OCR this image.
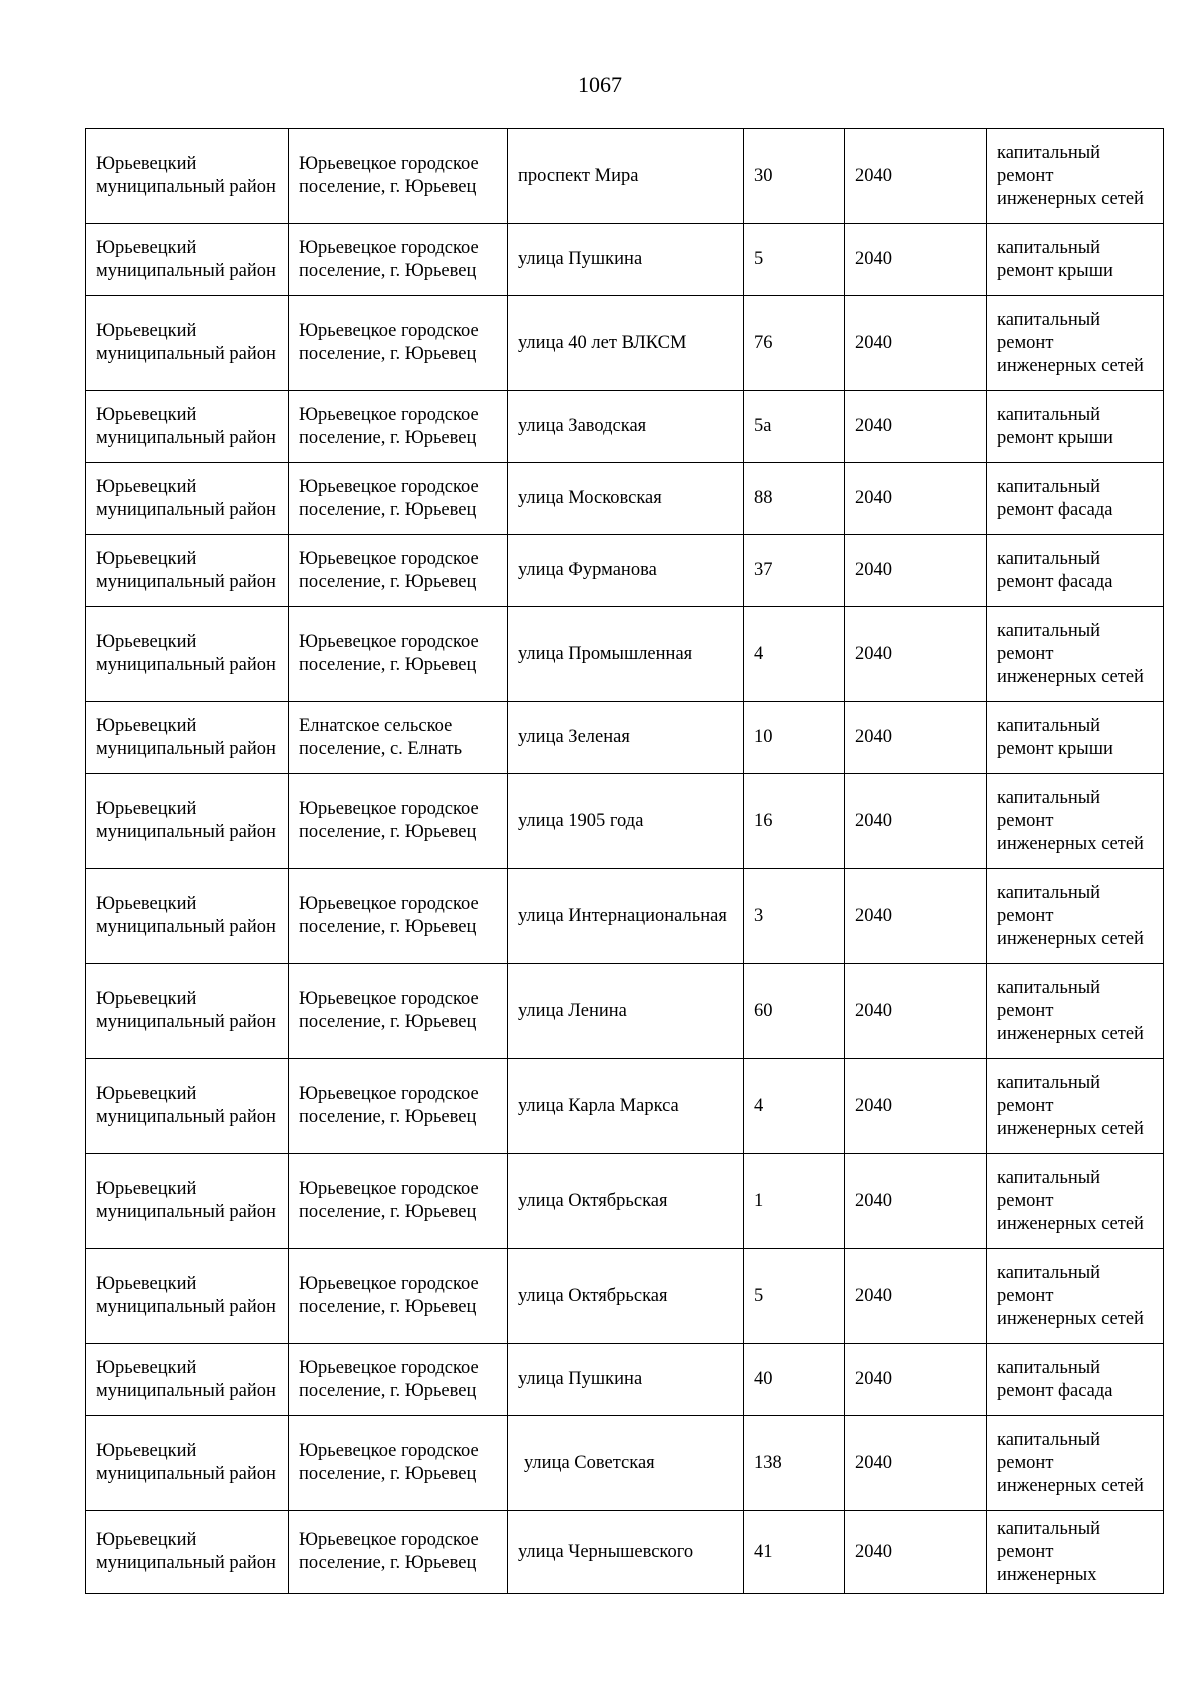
1067
Юрьевецкий муниципальный район	Юрьевецкое городское поселение, г. Юрьевец	проспект Мира	30	2040	капитальный ремонт инженерных сетей
Юрьевецкий муниципальный район	Юрьевецкое городское поселение, г. Юрьевец	улица Пушкина	5	2040	капитальный ремонт крыши
Юрьевецкий муниципальный район	Юрьевецкое городское поселение, г. Юрьевец	улица 40 лет ВЛКСМ	76	2040	капитальный ремонт инженерных сетей
Юрьевецкий муниципальный район	Юрьевецкое городское поселение, г. Юрьевец	улица Заводская	5а	2040	капитальный ремонт крыши
Юрьевецкий муниципальный район	Юрьевецкое городское поселение, г. Юрьевец	улица Московская	88	2040	капитальный ремонт фасада
Юрьевецкий муниципальный район	Юрьевецкое городское поселение, г. Юрьевец	улица Фурманова	37	2040	капитальный ремонт фасада
Юрьевецкий муниципальный район	Юрьевецкое городское поселение, г. Юрьевец	улица Промышленная	4	2040	капитальный ремонт инженерных сетей
Юрьевецкий муниципальный район	Елнатское сельское поселение, с. Елнать	улица Зеленая	10	2040	капитальный ремонт крыши
Юрьевецкий муниципальный район	Юрьевецкое городское поселение, г. Юрьевец	улица 1905 года	16	2040	капитальный ремонт инженерных сетей
Юрьевецкий муниципальный район	Юрьевецкое городское поселение, г. Юрьевец	улица Интернациональная	3	2040	капитальный ремонт инженерных сетей
Юрьевецкий муниципальный район	Юрьевецкое городское поселение, г. Юрьевец	улица Ленина	60	2040	капитальный ремонт инженерных сетей
Юрьевецкий муниципальный район	Юрьевецкое городское поселение, г. Юрьевец	улица Карла Маркса	4	2040	капитальный ремонт инженерных сетей
Юрьевецкий муниципальный район	Юрьевецкое городское поселение, г. Юрьевец	улица Октябрьская	1	2040	капитальный ремонт инженерных сетей
Юрьевецкий муниципальный район	Юрьевецкое городское поселение, г. Юрьевец	улица Октябрьская	5	2040	капитальный ремонт инженерных сетей
Юрьевецкий муниципальный район	Юрьевецкое городское поселение, г. Юрьевец	улица Пушкина	40	2040	капитальный ремонт фасада
Юрьевецкий муниципальный район	Юрьевецкое городское поселение, г. Юрьевец	улица Советская	138	2040	капитальный ремонт инженерных сетей
Юрьевецкий муниципальный район	Юрьевецкое городское поселение, г. Юрьевец	улица Чернышевского	41	2040	капитальный ремонт инженерных
